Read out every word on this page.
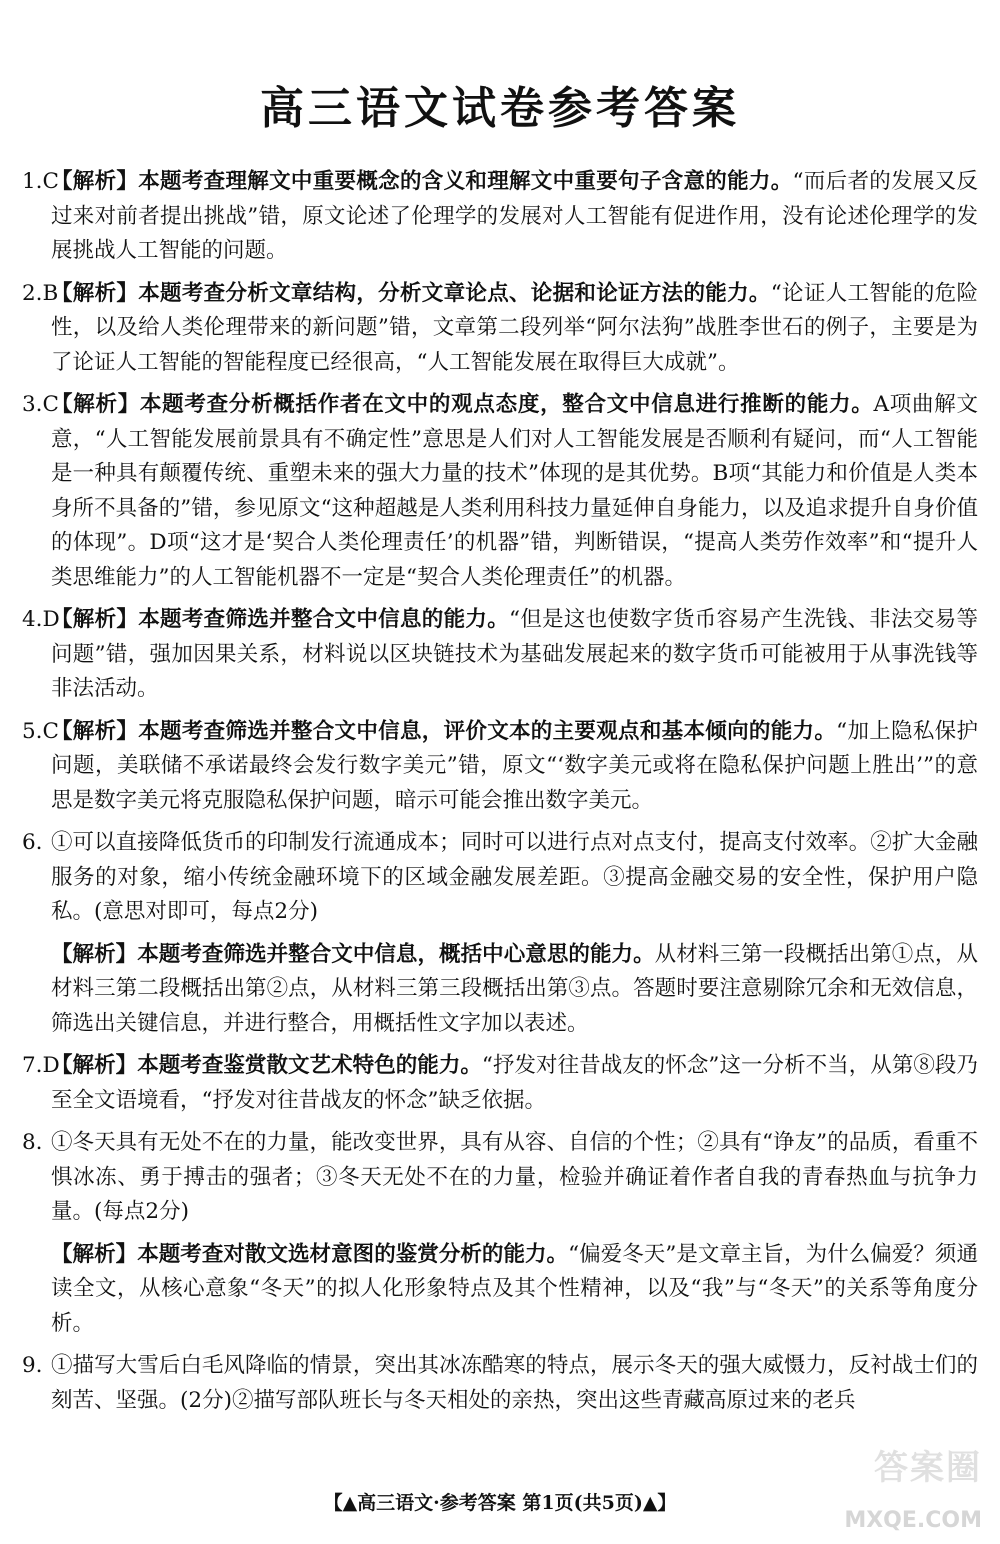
高三语文试卷参考答案
1.C
【解析】本题考查理解文中重要概念的含义和理解文中重要句子含意的能力。“而后者的发展又反过来对前者提出挑战”错，原文论述了伦理学的发展对人工智能有促进作用，没有论述伦理学的发展挑战人工智能的问题。
2.B
【解析】本题考查分析文章结构，分析文章论点、论据和论证方法的能力。“论证人工智能的危险性，以及给人类伦理带来的新问题”错，文章第二段列举“阿尔法狗”战胜李世石的例子，主要是为了论证人工智能的智能程度已经很高，“人工智能发展在取得巨大成就”。
3.C
【解析】本题考查分析概括作者在文中的观点态度，整合文中信息进行推断的能力。A项曲解文意，“人工智能发展前景具有不确定性”意思是人们对人工智能发展是否顺利有疑问，而“人工智能是一种具有颠覆传统、重塑未来的强大力量的技术”体现的是其优势。B项“其能力和价值是人类本身所不具备的”错，参见原文“这种超越是人类利用科技力量延伸自身能力，以及追求提升自身价值的体现”。D项“这才是‘契合人类伦理责任’的机器”错，判断错误，“提高人类劳作效率”和“提升人类思维能力”的人工智能机器不一定是“契合人类伦理责任”的机器。
4.D
【解析】本题考查筛选并整合文中信息的能力。“但是这也使数字货币容易产生洗钱、非法交易等问题”错，强加因果关系，材料说以区块链技术为基础发展起来的数字货币可能被用于从事洗钱等非法活动。
5.C
【解析】本题考查筛选并整合文中信息，评价文本的主要观点和基本倾向的能力。“加上隐私保护问题，美联储不承诺最终会发行数字美元”错，原文“‘数字美元或将在隐私保护问题上胜出’”的意思是数字美元将克服隐私保护问题，暗示可能会推出数字美元。
6. ①可以直接降低货币的印制发行流通成本；同时可以进行点对点支付，提高支付效率。②扩大金融服务的对象，缩小传统金融环境下的区域金融发展差距。③提高金融交易的安全性，保护用户隐私。(意思对即可，每点2分)
【解析】本题考查筛选并整合文中信息，概括中心意思的能力。从材料三第一段概括出第①点，从材料三第二段概括出第②点，从材料三第三段概括出第③点。答题时要注意剔除冗余和无效信息，筛选出关键信息，并进行整合，用概括性文字加以表述。
7.D
【解析】本题考查鉴赏散文艺术特色的能力。“抒发对往昔战友的怀念”这一分析不当，从第⑧段乃至全文语境看，“抒发对往昔战友的怀念”缺乏依据。
8. ①冬天具有无处不在的力量，能改变世界，具有从容、自信的个性；②具有“诤友”的品质，看重不惧冰冻、勇于搏击的强者；③冬天无处不在的力量，检验并确证着作者自我的青春热血与抗争力量。(每点2分)
【解析】本题考查对散文选材意图的鉴赏分析的能力。“偏爱冬天”是文章主旨，为什么偏爱？须通读全文，从核心意象“冬天”的拟人化形象特点及其个性精神，以及“我”与“冬天”的关系等角度分析。
9. ①描写大雪后白毛风降临的情景，突出其冰冻酷寒的特点，展示冬天的强大威慑力，反衬战士们的刻苦、坚强。(2分)②描写部队班长与冬天相处的亲热，突出这些青藏高原过来的老兵
答案圈
【▲高三语文·参考答案 第1页(共5页)▲】
MXQE.COM
